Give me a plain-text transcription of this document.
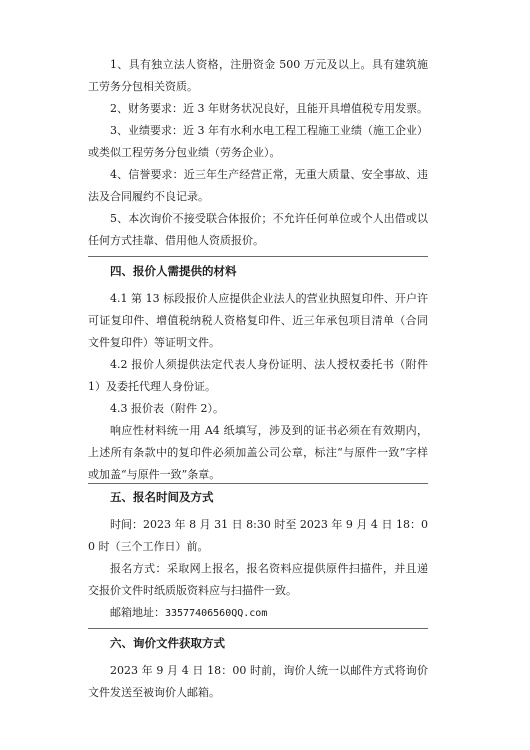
1、具有独立法人资格，注册资金 500 万元及以上。具有建筑施工劳务分包相关资质。

2、财务要求：近 3 年财务状况良好，且能开具增值税专用发票。

3、业绩要求：近 3 年有水利水电工程工程施工业绩（施工企业）或类似工程劳务分包业绩（劳务企业）。

4、信誉要求：近三年生产经营正常，无重大质量、安全事故、违法及合同履约不良记录。

5、本次询价不接受联合体报价；不允许任何单位或个人出借或以任何方式挂靠、借用他人资质报价。

四、报价人需提供的材料

4.1 第 13 标段报价人应提供企业法人的营业执照复印件、开户许可证复印件、增值税纳税人资格复印件、近三年承包项目清单（合同文件复印件）等证明文件。

4.2 报价人须提供法定代表人身份证明、法人授权委托书（附件 1）及委托代理人身份证。

4.3 报价表（附件 2）。

响应性材料统一用 A4 纸填写，涉及到的证书必须在有效期内，上述所有条款中的复印件必须加盖公司公章，标注“与原件一致”字样或加盖“与原件一致”条章。

五、报名时间及方式

时间：2023 年 8 月 31 日 8:30 时至 2023 年 9 月 4 日 18：00 时（三个工作日）前。

报名方式：采取网上报名，报名资料应提供原件扫描件，并且递交报价文件时纸质版资料应与扫描件一致。

邮箱地址：335774065​60QQ.com

六、询价文件获取方式

2023 年 9 月 4 日 18：00 时前，询价人统一以邮件方式将询价文件发送至被询价人邮箱。
